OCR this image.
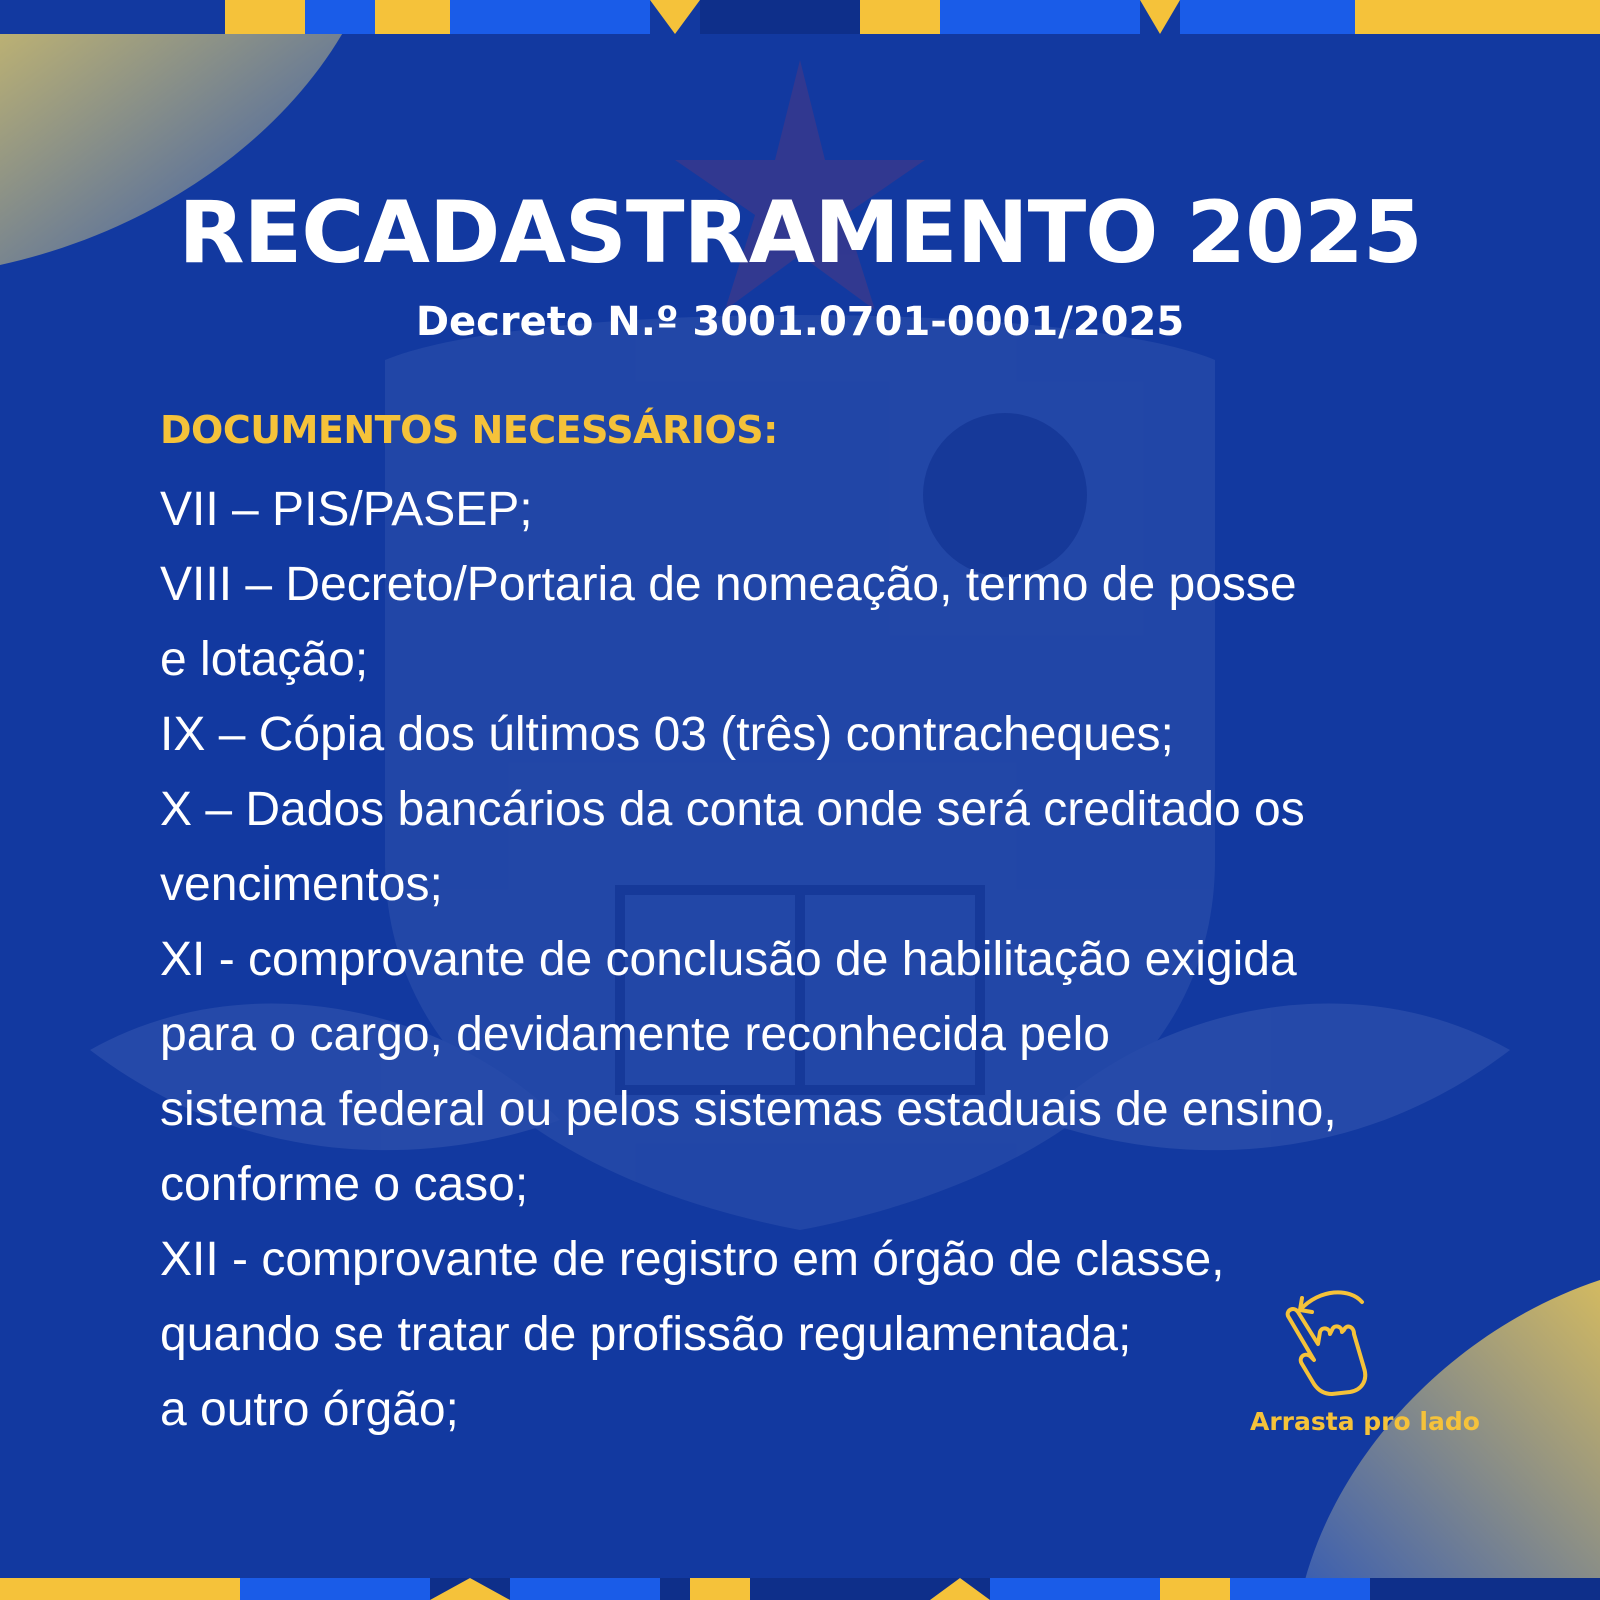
RECADASTRAMENTO 2025
Decreto N.º 3001.0701-0001/2025
DOCUMENTOS NECESSÁRIOS:
VII – PIS/PASEP;
VIII – Decreto/Portaria de nomeação, termo de posse
e lotação;
IX – Cópia dos últimos 03 (três) contracheques;
X – Dados bancários da conta onde será creditado os
vencimentos;
XI - comprovante de conclusão de habilitação exigida
para o cargo, devidamente reconhecida pelo
sistema federal ou pelos sistemas estaduais de ensino,
conforme o caso;
XII - comprovante de registro em órgão de classe,
quando se tratar de profissão regulamentada;
a outro órgão;	Arrasta pro lado
